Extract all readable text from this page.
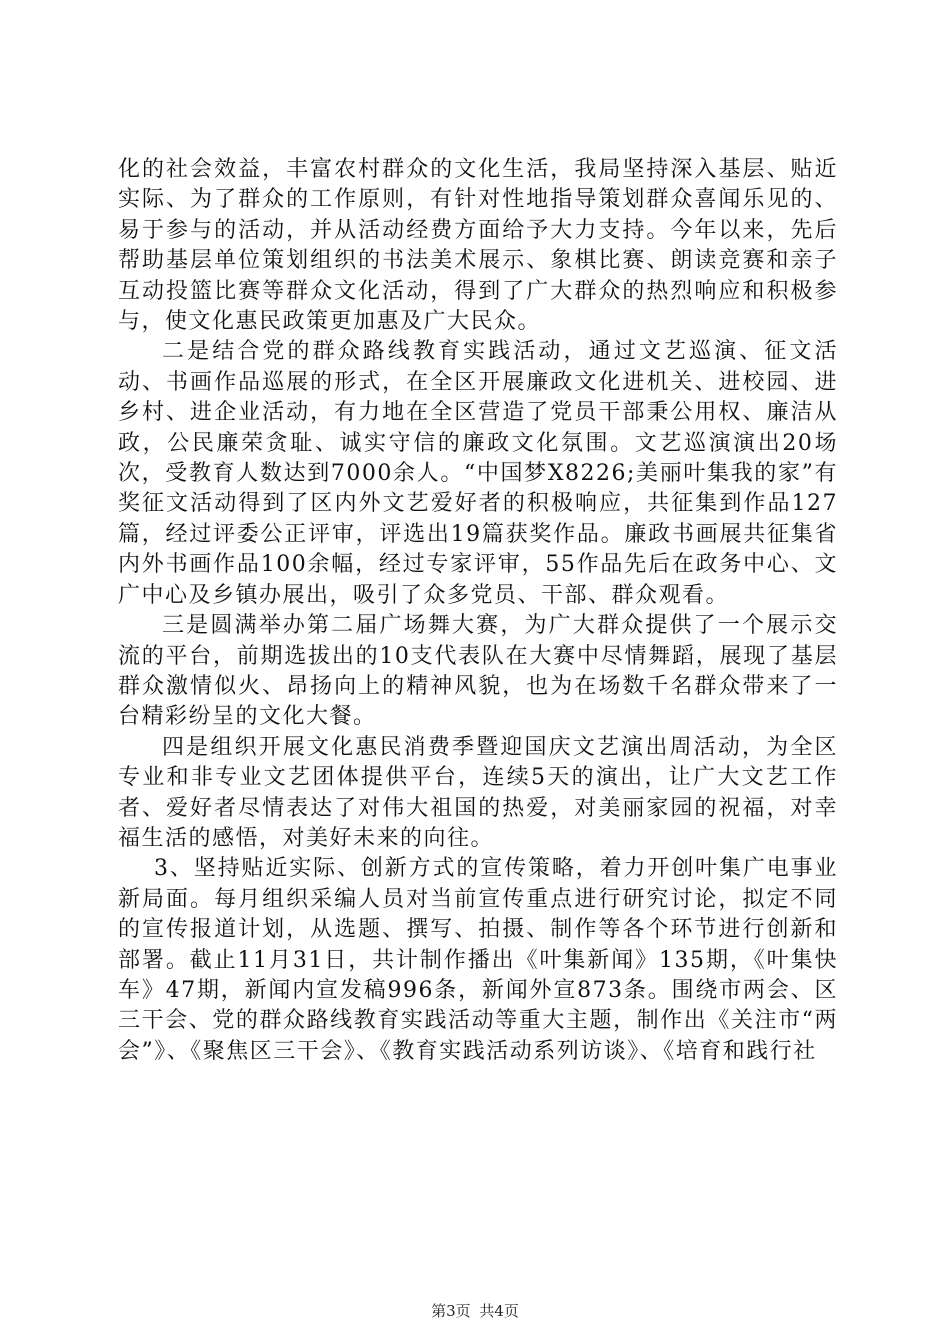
化的社会效益，丰富农村群众的文化生活，我局坚持深入基层、贴近实际、为了群众的工作原则，有针对性地指导策划群众喜闻乐见的、易于参与的活动，并从活动经费方面给予大力支持。今年以来，先后帮助基层单位策划组织的书法美术展示、象棋比赛、朗读竞赛和亲子互动投篮比赛等群众文化活动，得到了广大群众的热烈响应和积极参与，使文化惠民政策更加惠及广大民众。

二是结合党的群众路线教育实践活动，通过文艺巡演、征文活动、书画作品巡展的形式，在全区开展廉政文化进机关、进校园、进乡村、进企业活动，有力地在全区营造了党员干部秉公用权、廉洁从政，公民廉荣贪耻、诚实守信的廉政文化氛围。文艺巡演演出20场次，受教育人数达到7000余人。“中国梦X8226;美丽叶集我的家”有奖征文活动得到了区内外文艺爱好者的积极响应，共征集到作品127篇，经过评委公正评审，评选出19篇获奖作品。廉政书画展共征集省内外书画作品100余幅，经过专家评审，55作品先后在政务中心、文广中心及乡镇办展出，吸引了众多党员、干部、群众观看。

三是圆满举办第二届广场舞大赛，为广大群众提供了一个展示交流的平台，前期选拔出的10支代表队在大赛中尽情舞蹈，展现了基层群众激情似火、昂扬向上的精神风貌，也为在场数千名群众带来了一台精彩纷呈的文化大餐。

四是组织开展文化惠民消费季暨迎国庆文艺演出周活动，为全区专业和非专业文艺团体提供平台，连续5天的演出，让广大文艺工作者、爱好者尽情表达了对伟大祖国的热爱，对美丽家园的祝福，对幸福生活的感悟，对美好未来的向往。

3、坚持贴近实际、创新方式的宣传策略，着力开创叶集广电事业新局面。每月组织采编人员对当前宣传重点进行研究讨论，拟定不同的宣传报道计划，从选题、撰写、拍摄、制作等各个环节进行创新和部署。截止11月31日，共计制作播出《叶集新闻》135期，《叶集快车》47期，新闻内宣发稿996条，新闻外宣873条。围绕市两会、区三干会、党的群众路线教育实践活动等重大主题，制作出《关注市“两会”》、《聚焦区三干会》、《教育实践活动系列访谈》、《培育和践行社

第3页 共4页
